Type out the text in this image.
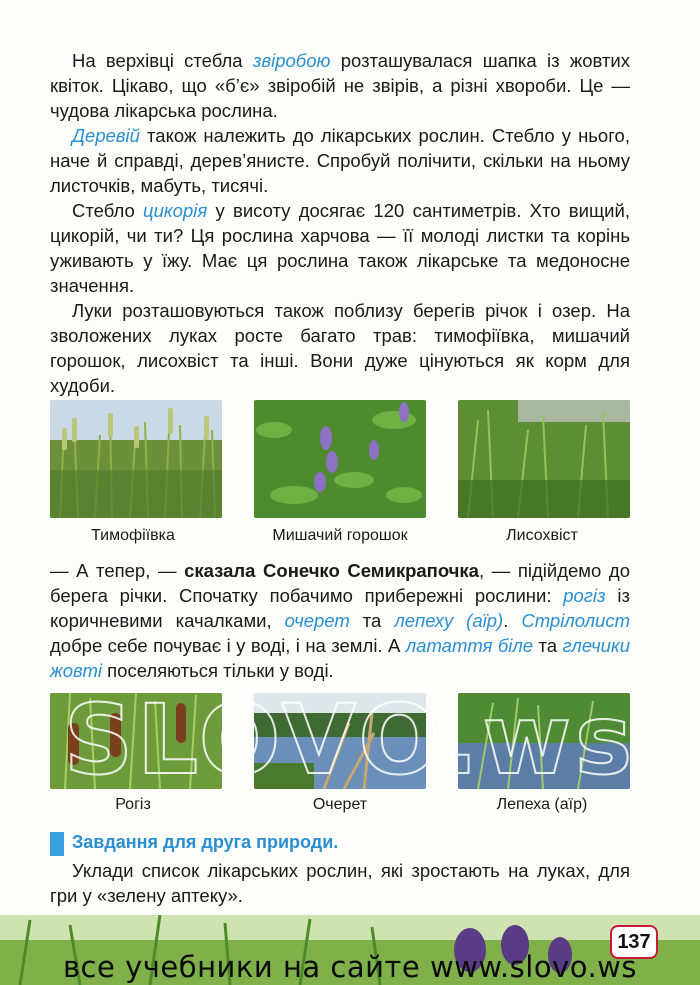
На верхівці стебла звіробою розташувалася шапка із жовтих квіток. Цікаво, що «б’є» звіробій не звірів, а різні хвороби. Це — чудова лікарська рослина.

Деревій також належить до лікарських рослин. Стебло у нього, наче й справді, дерев’янисте. Спробуй полічити, скільки на ньому листочків, мабуть, тисячі.

Стебло цикорія у висоту досягає 120 сантиметрів. Хто вищий, цикорій, чи ти? Ця рослина харчова — її молоді листки та корінь уживають у їжу. Має ця рослина також лікарське та медоносне значення.

Луки розташовуються також поблизу берегів річок і озер. На зволожених луках росте багато трав: тимофіївка, мишачий горошок, лисохвіст та інші. Вони дуже цінуються як корм для худоби.

Тимофіївка	Мишачий горошок	Лисохвіст

— А тепер, — сказала Сонечко Семикрапочка, — підійдемо до берега річки. Спочатку побачимо прибережні рослини: рогіз із коричневими качалками, очерет та лепеху (аїр). Стрілолист добре себе почуває і у воді, і на землі. А латаття біле та глечики жовті поселяються тільки у воді.

Рогіз	Очерет	Лепеха (аїр)
Завдання для друга природи.

Уклади список лікарських рослин, які зростають на луках, для гри у «зелену аптеку».

137
все учебники на сайте www.slovo.ws
